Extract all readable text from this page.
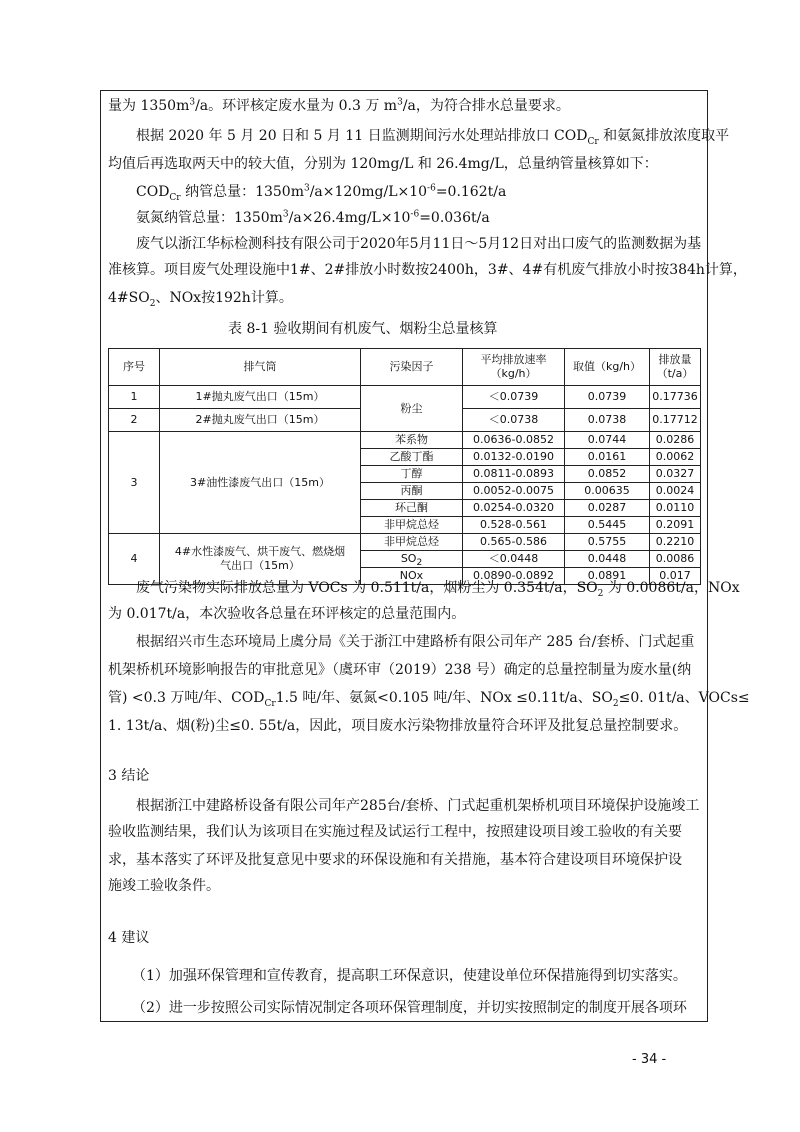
量为 $1350m^3/a$。环评核定废水量为 0.3 万 $m^3/a$，为符合排水总量要求。
根据 2020 年 5 月 20 日和 5 月 11 日监测期间污水处理站排放口 $COD_{Cr}$ 和氨氮排放浓度取平
均值后再选取两天中的较大值，分别为 120mg/L 和 26.4mg/L，总量纳管量核算如下：
$COD_{Cr}$ 纳管总量：$1350m^3/a\times 120mg/L\times 10^{-6}=0.162t/a$
氨氮纳管总量：$1350m^3/a\times 26.4mg/L\times 10^{-6}=0.036t/a$
废气以浙江华标检测科技有限公司于2020年5月11日～5月12日对出口废气的监测数据为基
准核算。项目废气处理设施中1#、2#排放小时数按2400h，3#、4#有机废气排放小时按384h计算，
$4\#SO_2$、NOx按192h计算。
表 8-1 验收期间有机废气、烟粉尘总量核算
序号	排气筒	污染因子	平均排放速率（kg/h）	取值（kg/h）	排放量（t/a）
1	1#抛丸废气出口（15m）	粉尘	＜0.0739	0.0739	0.17736
2	2#抛丸废气出口（15m）		＜0.0738	0.0738	0.17712
3	3#油性漆废气出口（15m）	苯系物	0.0636-0.0852	0.0744	0.0286
		乙酸丁酯	0.0132-0.0190	0.0161	0.0062
		丁醇	0.0811-0.0893	0.0852	0.0327
		丙酮	0.0052-0.0075	0.00635	0.0024
		环己酮	0.0254-0.0320	0.0287	0.0110
		非甲烷总烃	0.528-0.561	0.5445	0.2091
4	4#水性漆废气、烘干废气、燃烧烟气出口（15m）	非甲烷总烃	0.565-0.586	0.5755	0.2210
		$SO_2$	＜0.0448	0.0448	0.0086
		NOx	0.0890-0.0892	0.0891	0.017
废气污染物实际排放总量为 VOCs 为 0.511t/a，烟粉尘为 0.354t/a，$SO_2$ 为 0.0086t/a，NOx
为 0.017t/a，本次验收各总量在环评核定的总量范围内。
根据绍兴市生态环境局上虞分局《关于浙江中建路桥有限公司年产 285 台/套桥、门式起重
机架桥机环境影响报告的审批意见》（虞环审（2019）238 号）确定的总量控制量为废水量(纳
管) <0.3 万吨/年、$COD_{Cr}1.5$ 吨/年、氨氮<0.105 吨/年、NOx ≤0.11t/a、$SO_2\le 0$. 01t/a、VOCs≤
1. 13t/a、烟(粉)尘≤0. 55t/a，因此，项目废水污染物排放量符合环评及批复总量控制要求。
3 结论
根据浙江中建路桥设备有限公司年产285台/套桥、门式起重机架桥机项目环境保护设施竣工
验收监测结果，我们认为该项目在实施过程及试运行工程中，按照建设项目竣工验收的有关要
求，基本落实了环评及批复意见中要求的环保设施和有关措施，基本符合建设项目环境保护设
施竣工验收条件。
4 建议
（1）加强环保管理和宣传教育，提高职工环保意识，使建设单位环保措施得到切实落实。
（2）进一步按照公司实际情况制定各项环保管理制度，并切实按照制定的制度开展各项环
- 34 -
